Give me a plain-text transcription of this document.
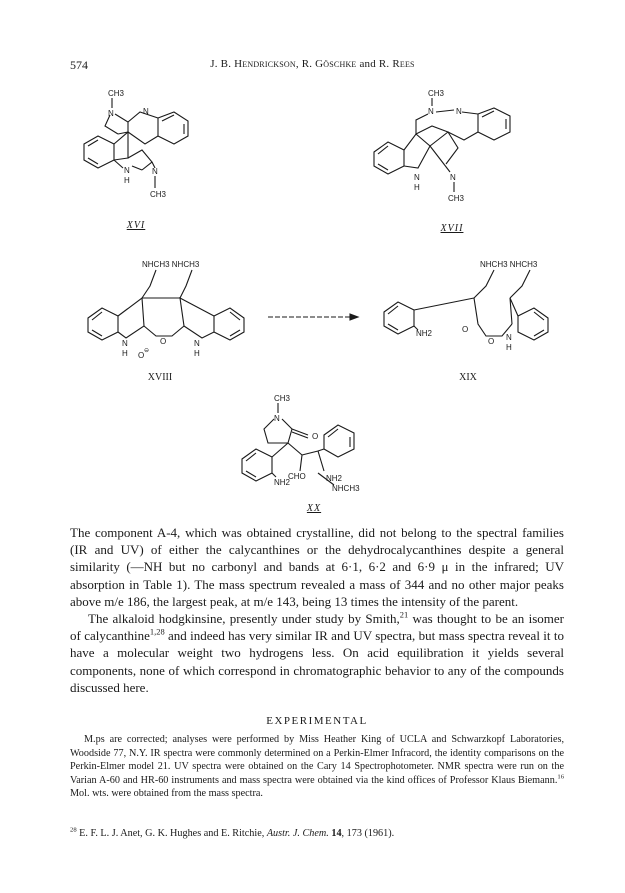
574	J. B. Hendrickson, R. Göschke and R. Rees
CH3
N	N
N
H
N
CH3
XVI
CH3
N	N
N
H
N
CH3
XVII
NHCH3 NHCH3
N
H
O
O ⊖
N
H
XVIII
NHCH3 NHCH3
NH2	O
O N
H
XIX
CH3
N
O
NH2
CHO	NH2
NHCH3
XX

The component A-4, which was obtained crystalline, did not belong to the spectral families (IR and UV) of either the calycanthines or the dehydrocalycanthines despite a general similarity (—NH but no carbonyl and bands at 6·1, 6·2 and 6·9 μ in the infrared; UV absorption in Table 1). The mass spectrum revealed a mass of 344 and no other major peaks above m/e 186, the largest peak, at m/e 143, being 13 times the intensity of the parent.

The alkaloid hodgkinsine, presently under study by Smith,$^{21}$ was thought to be an isomer of calycanthine$^{1,28}$ and indeed has very similar IR and UV spectra, but mass spectra reveal it to have a molecular weight two hydrogens less. On acid equilibration it yields several components, none of which correspond in chromatographic behavior to any of the compounds discussed here.

EXPERIMENTAL

M.ps are corrected; analyses were performed by Miss Heather King of UCLA and Schwarzkopf Laboratories, Woodside 77, N.Y. IR spectra were commonly determined on a Perkin-Elmer Infracord, the identity comparisons on the Perkin-Elmer model 21. UV spectra were obtained on the Cary 14 Spectrophotometer. NMR spectra were run on the Varian A-60 and HR-60 instruments and mass spectra were obtained via the kind offices of Professor Klaus Biemann.$^{16}$ Mol. wts. were obtained from the mass spectra.

$^{28}$ E. F. L. J. Anet, G. K. Hughes and E. Ritchie, Austr. J. Chem. 14, 173 (1961).
